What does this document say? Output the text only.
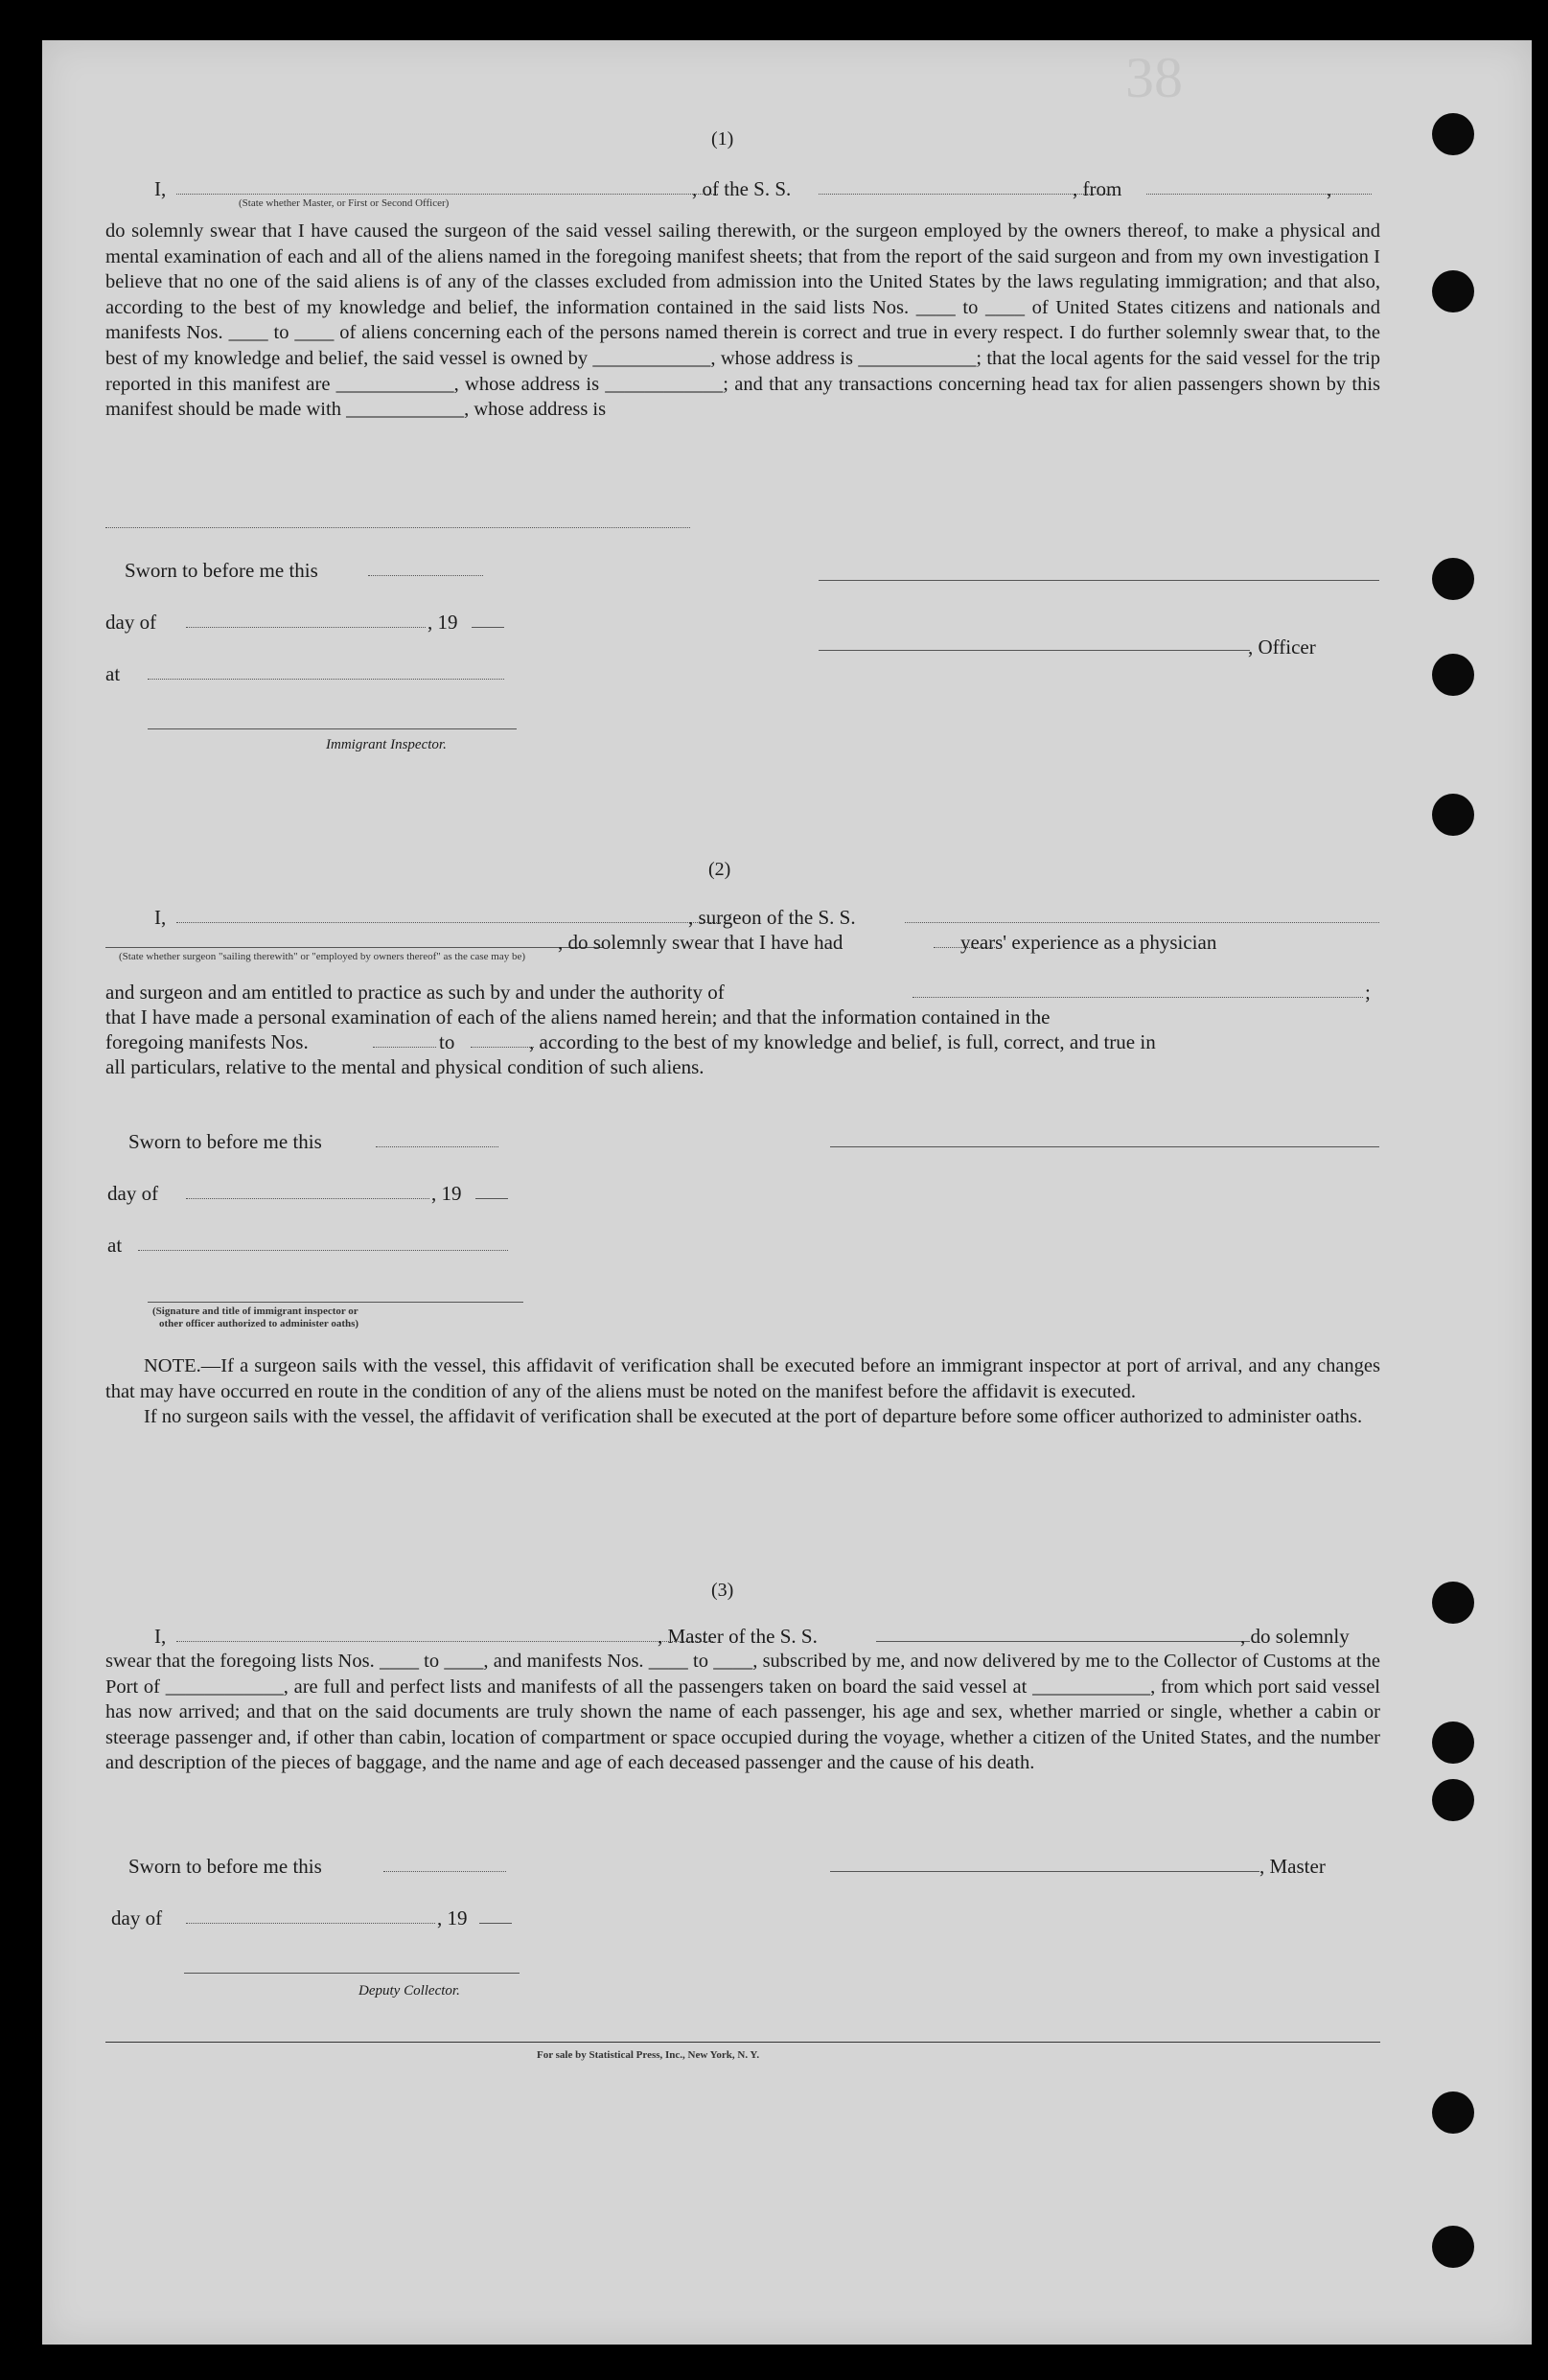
38
(1)
I,	, of the S. S.	, from	,
(State whether Master, or First or Second Officer)

do solemnly swear that I have caused the surgeon of the said vessel sailing therewith, or the surgeon employed by the owners thereof, to make a physical and mental examination of each and all of the aliens named in the foregoing manifest sheets; that from the report of the said surgeon and from my own investigation I believe that no one of the said aliens is of any of the classes excluded from admission into the United States by the laws regulating immigration; and that also, according to the best of my knowledge and belief, the information contained in the said lists Nos. ____ to ____ of United States citizens and nationals and manifests Nos. ____ to ____ of aliens concerning each of the persons named therein is correct and true in every respect. I do further solemnly swear that, to the best of my knowledge and belief, the said vessel is owned by ____________, whose address is ____________; that the local agents for the said vessel for the trip reported in this manifest are ____________, whose address is ____________; and that any transactions concerning head tax for alien passengers shown by this manifest should be made with ____________, whose address is

Sworn to before me this
day of	, 19
, Officer
at
Immigrant Inspector.
(2)
I,	, surgeon of the S. S.
, do solemnly swear that I have had	years' experience as a physician
(State whether surgeon "sailing therewith" or "employed by owners thereof" as the case may be)
and surgeon and am entitled to practice as such by and under the authority of	;
that I have made a personal examination of each of the aliens named herein; and that the information contained in the
foregoing manifests Nos.	to	, according to the best of my knowledge and belief, is full, correct, and true in
all particulars, relative to the mental and physical condition of such aliens.
Sworn to before me this
day of	, 19
at
(Signature and title of immigrant inspector or
other officer authorized to administer oaths)

NOTE.—If a surgeon sails with the vessel, this affidavit of verification shall be executed before an immigrant inspector at port of arrival, and any changes that may have occurred en route in the condition of any of the aliens must be noted on the manifest before the affidavit is executed.

If no surgeon sails with the vessel, the affidavit of verification shall be executed at the port of departure before some officer authorized to administer oaths.

(3)
I,	, Master of the S. S.	, do solemnly

swear that the foregoing lists Nos. ____ to ____, and manifests Nos. ____ to ____, subscribed by me, and now delivered by me to the Collector of Customs at the Port of ____________, are full and perfect lists and manifests of all the passengers taken on board the said vessel at ____________, from which port said vessel has now arrived; and that on the said documents are truly shown the name of each passenger, his age and sex, whether married or single, whether a cabin or steerage passenger and, if other than cabin, location of compartment or space occupied during the voyage, whether a citizen of the United States, and the number and description of the pieces of baggage, and the name and age of each deceased passenger and the cause of his death.

Sworn to before me this	, Master
day of	, 19
Deputy Collector.
For sale by Statistical Press, Inc., New York, N. Y.
